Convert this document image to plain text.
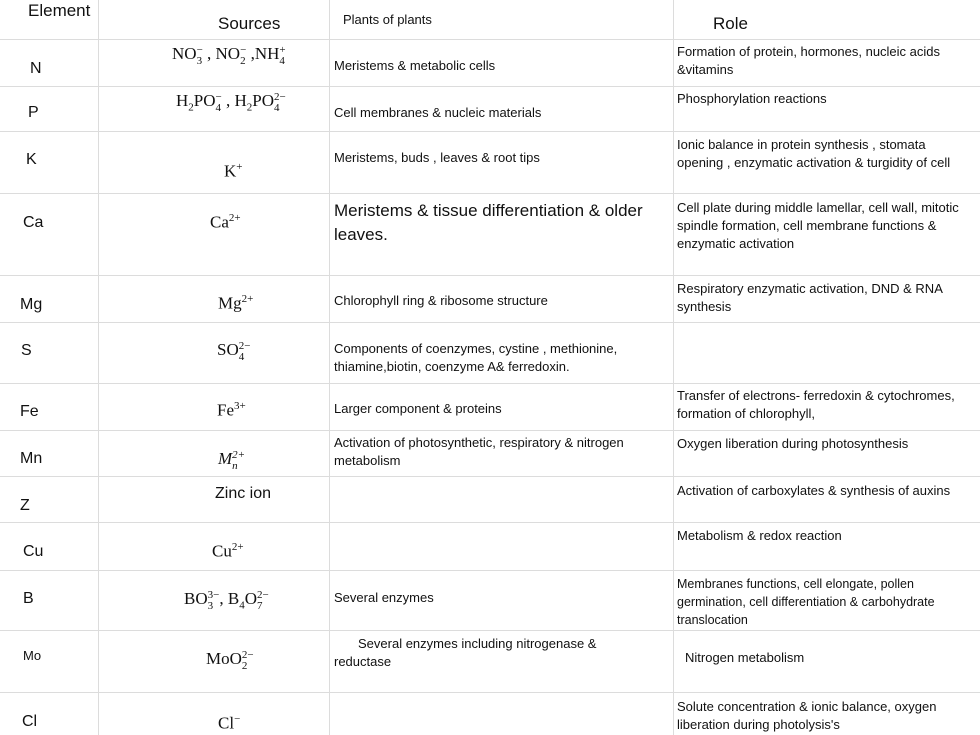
Element
Sources	Plants of plants	Role
N
P
K
Ca
Mg
S
Fe
Mn
Z
Cu
B
Mo
Cl
NO −
3 , NO −
2 ,NH +
4
$H_2PO$ −
4 , $H_2PO$ 2−
4
K+
$Ca^{2+}$
$Mg^{2+}$
SO 2−
4
$Fe^{3+}$
M 2+
n
Zinc ion
$Cu^{2+}$
BO 3−
3 , $B_4O$ 2−
7
MoO 2−
2
Cl−
Meristems & metabolic cells
Cell membranes & nucleic materials
Meristems, buds , leaves & root tips
Meristems & tissue differentiation & older leaves.
Chlorophyll ring & ribosome structure
Components of coenzymes, cystine , methionine, thiamine,biotin, coenzyme A& ferredoxin.
Larger component & proteins
Activation of photosynthetic, respiratory & nitrogen metabolism
Several enzymes
Several enzymes including nitrogenase & reductase
Formation of protein, hormones, nucleic acids
&vitamins
Phosphorylation reactions
Ionic balance in protein synthesis , stomata
opening , enzymatic activation & turgidity of cell
Cell plate during middle lamellar, cell wall, mitotic
spindle formation, cell membrane functions &
enzymatic activation
Respiratory enzymatic activation, DND & RNA
synthesis
Transfer of electrons- ferredoxin & cytochromes,
formation of chlorophyll,
Oxygen liberation during photosynthesis
Activation of carboxylates & synthesis of auxins
Metabolism & redox reaction
Membranes functions, cell elongate, pollen
germination, cell differentiation & carbohydrate
translocation
Nitrogen metabolism
Solute concentration & ionic balance, oxygen
liberation during photolysis's
